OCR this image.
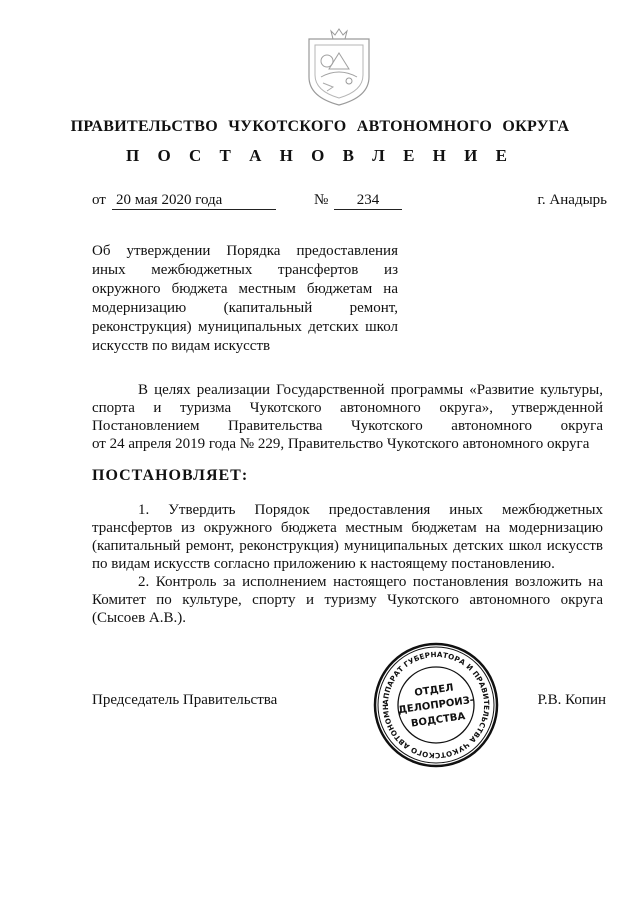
ПРАВИТЕЛЬСТВО ЧУКОТСКОГО АВТОНОМНОГО ОКРУГА
П О С Т А Н О В Л Е Н И Е
от 20 мая 2020 года	№	234	г. Анадырь
Об утверждении Порядка предоставления
иных межбюджетных трансфертов из
окружного бюджета местным бюджетам на
модернизацию (капитальный ремонт,
реконструкция) муниципальных детских школ
искусств по видам искусств
В целях реализации Государственной программы «Развитие культуры,
спорта и туризма Чукотского автономного округа», утвержденной
Постановлением Правительства Чукотского автономного округа
от 24 апреля 2019 года № 229, Правительство Чукотского автономного округа
ПОСТАНОВЛЯЕТ:
1. Утвердить Порядок предоставления иных межбюджетных
трансфертов из окружного бюджета местным бюджетам на модернизацию
(капитальный ремонт, реконструкция) муниципальных детских школ искусств
по видам искусств согласно приложению к настоящему постановлению.
2. Контроль за исполнением настоящего постановления возложить на
Комитет по культуре, спорту и туризму Чукотского автономного округа
(Сысоев А.В.).
Председатель Правительства	Р.В. Копин
АППАРАТ ГУБЕРНАТОРА И ПРАВИТЕЛЬСТВА ЧУКОТСКОГО АВТОНОМН
ОТДЕЛ
ДЕЛОПРОИЗ-
ВОДСТВА
